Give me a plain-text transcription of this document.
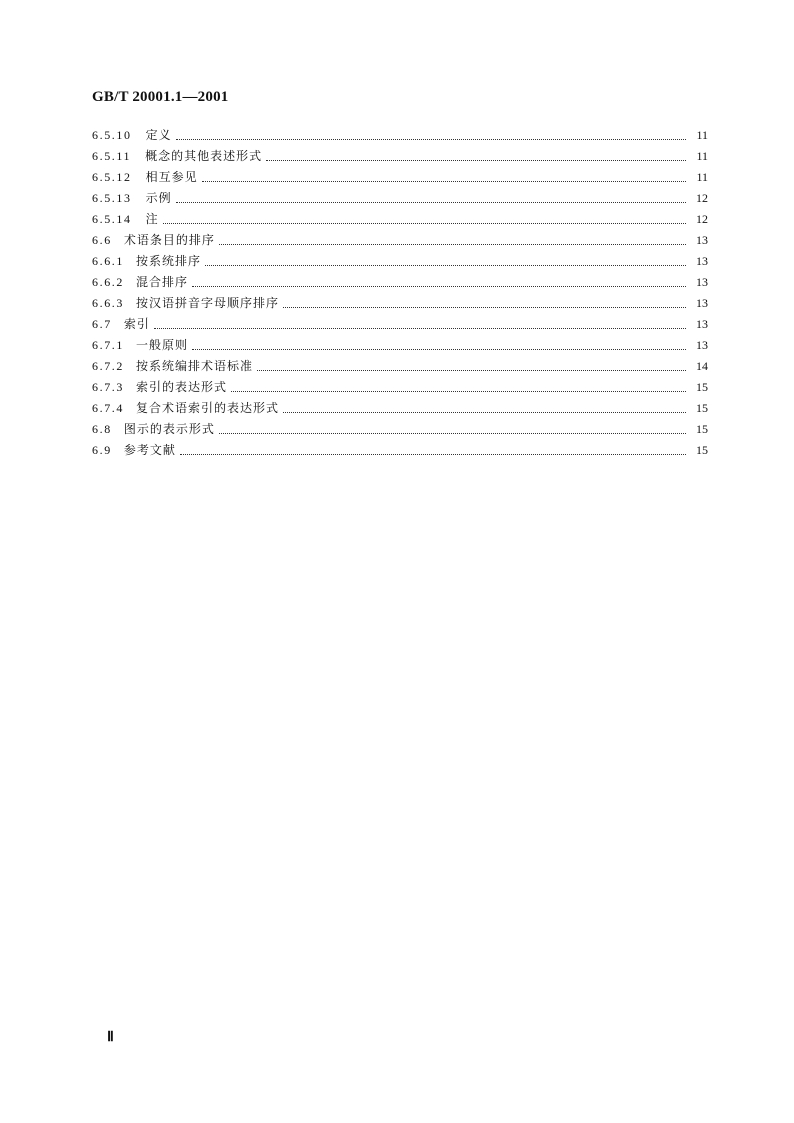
GB/T 20001.1—2001
6.5.10 定义	11
6.5.11 概念的其他表述形式	11
6.5.12 相互参见	11
6.5.13 示例	12
6.5.14 注	12
6.6 术语条目的排序	13
6.6.1 按系统排序	13
6.6.2 混合排序	13
6.6.3 按汉语拼音字母顺序排序	13
6.7 索引	13
6.7.1 一般原则	13
6.7.2 按系统编排术语标准	14
6.7.3 索引的表达形式	15
6.7.4 复合术语索引的表达形式	15
6.8 图示的表示形式	15
6.9 参考文献	15
Ⅱ
